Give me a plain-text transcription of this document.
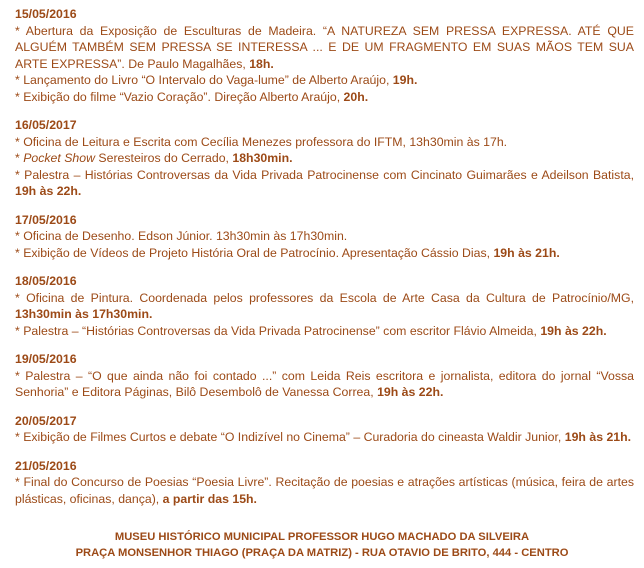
15/05/2016
* Abertura da Exposição de Esculturas de Madeira. “A NATUREZA SEM PRESSA EXPRESSA. ATÉ QUE ALGUÉM TAMBÉM SEM PRESSA SE INTERESSA ... E DE UM FRAGMENTO EM SUAS MÃOS TEM SUA ARTE EXPRESSA”. De Paulo Magalhães, 18h.
* Lançamento do Livro “O Intervalo do Vaga-lume” de Alberto Araújo, 19h.
* Exibição do filme “Vazio Coração”. Direção Alberto Araújo, 20h.
16/05/2017
* Oficina de Leitura e Escrita com Cecília Menezes professora do IFTM, 13h30min às 17h.
* Pocket Show Seresteiros do Cerrado, 18h30min.
* Palestra – Histórias Controversas da Vida Privada Patrocinense com Cincinato Guimarães e Adeilson Batista, 19h às 22h.
17/05/2016
* Oficina de Desenho. Edson Júnior. 13h30min às 17h30min.
* Exibição de Vídeos de Projeto História Oral de Patrocínio. Apresentação Cássio Dias, 19h às 21h.
18/05/2016
* Oficina de Pintura. Coordenada pelos professores da Escola de Arte Casa da Cultura de Patrocínio/MG, 13h30min às 17h30min.
* Palestra – “Histórias Controversas da Vida Privada Patrocinense” com escritor Flávio Almeida, 19h às 22h.
19/05/2016
* Palestra – “O que ainda não foi contado ...” com Leida Reis escritora e jornalista, editora do jornal “Vossa Senhoria” e Editora Páginas, Bilô Desembolô de Vanessa Correa, 19h às 22h.
20/05/2017
* Exibição de Filmes Curtos e debate “O Indizível no Cinema” – Curadoria do cineasta Waldir Junior, 19h às 21h.
21/05/2016
* Final do Concurso de Poesias “Poesia Livre”. Recitação de poesias e atrações artísticas (música, feira de artes plásticas, oficinas, dança), a partir das 15h.
MUSEU HISTÓRICO MUNICIPAL PROFESSOR HUGO MACHADO DA SILVEIRA
PRAÇA MONSENHOR THIAGO (PRAÇA DA MATRIZ) - RUA OTAVIO DE BRITO, 444 - CENTRO
